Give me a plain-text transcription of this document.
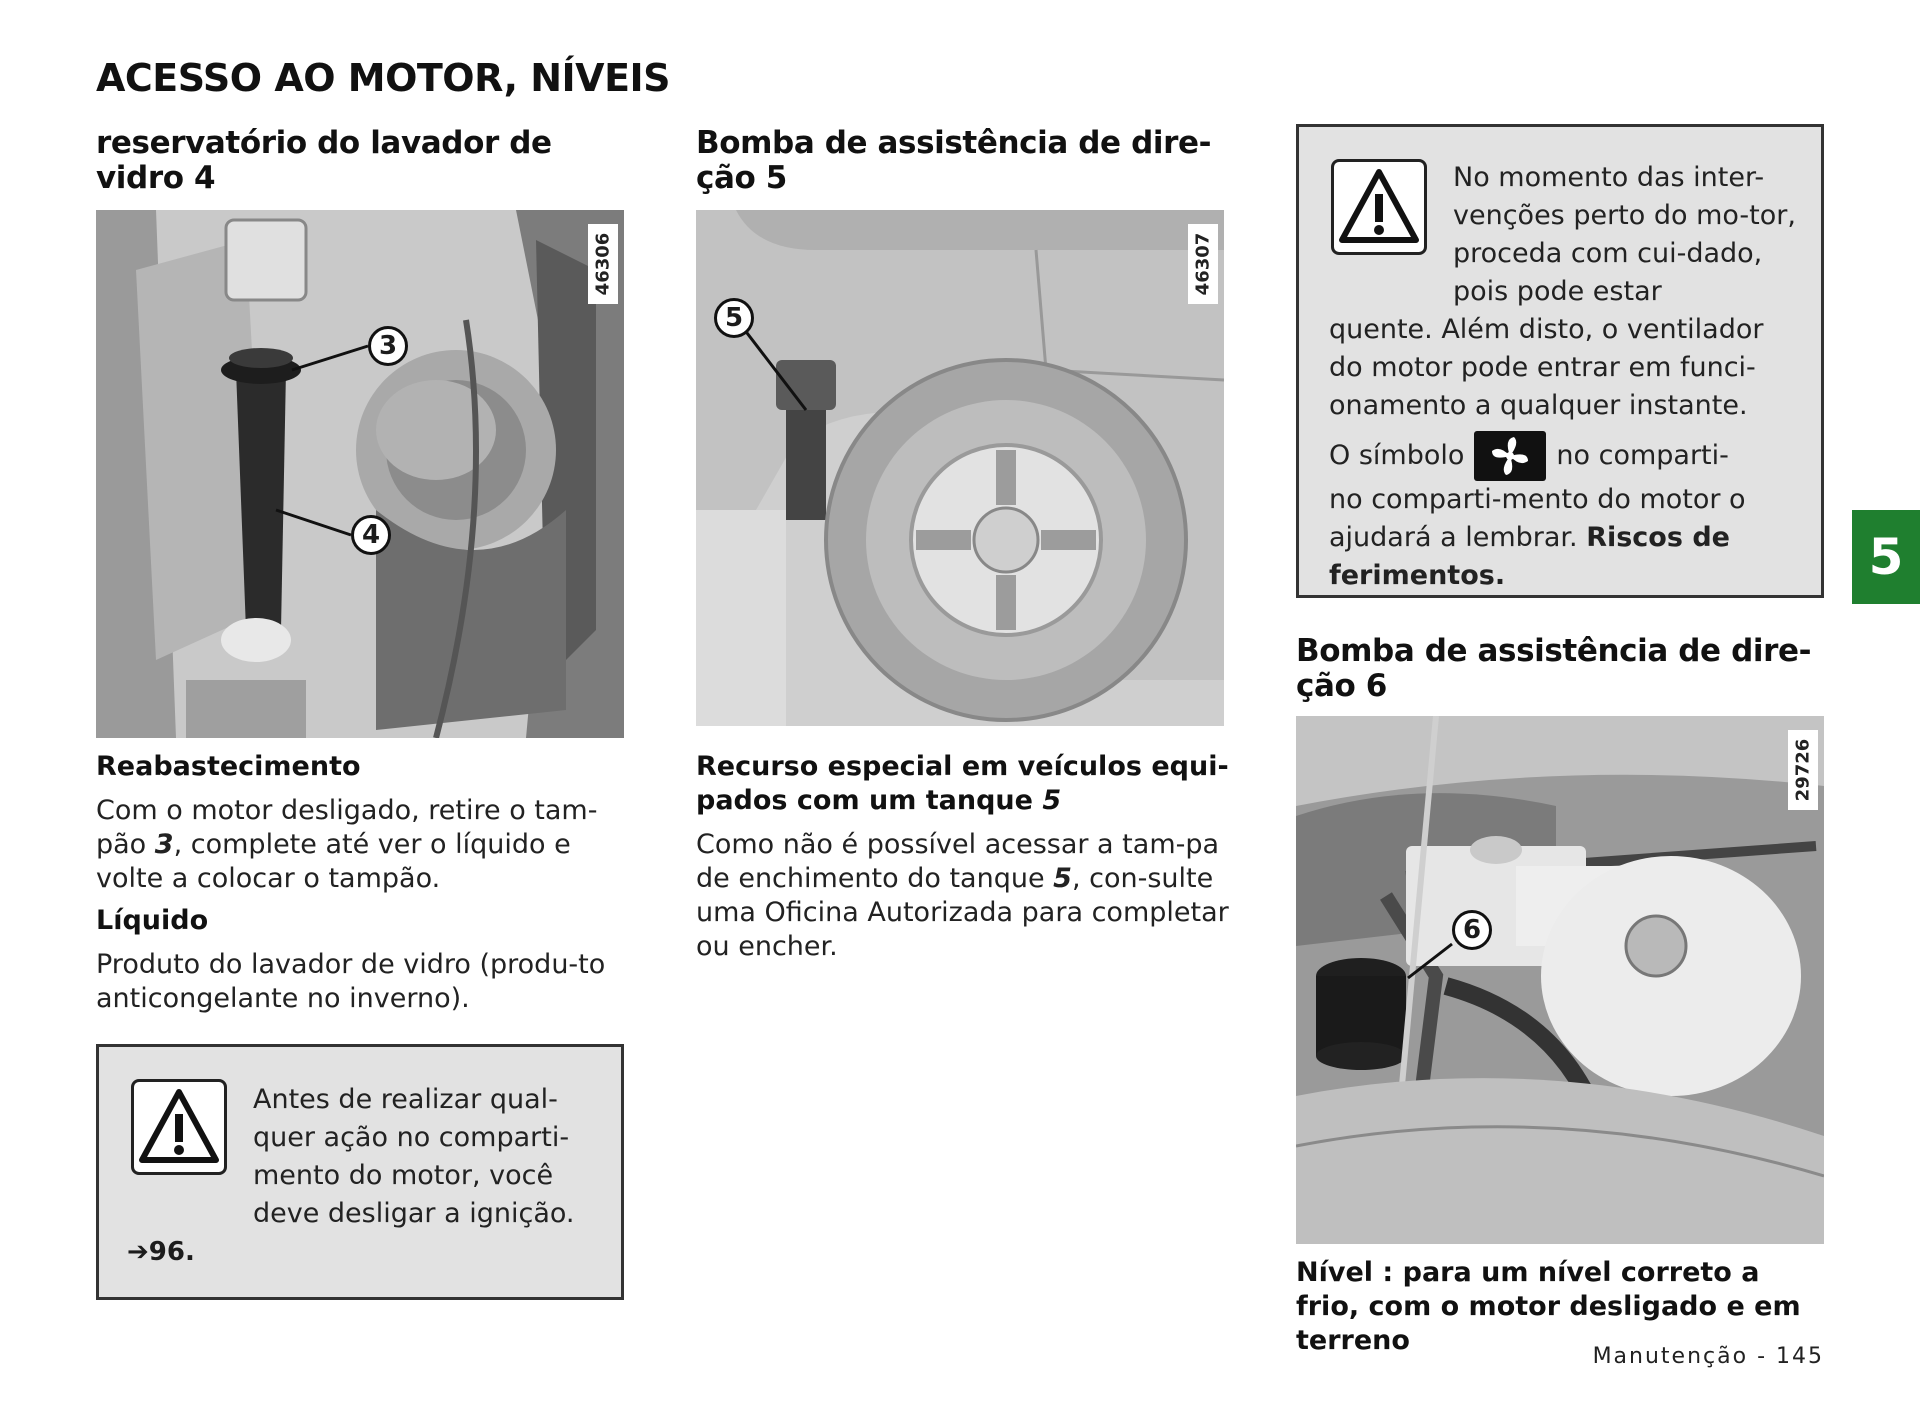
ACESSO AO MOTOR, NÍVEIS
reservatório do lavador de vidro 4
46306
3
4
Reabastecimento

Com o motor desligado, retire o tam-pão 3, complete até ver o líquido e volte a colocar o tampão.

Líquido

Produto do lavador de vidro (produ-to anticongelante no inverno).

Antes de realizar qual-quer ação no comparti-mento do motor, você deve desligar a ignição.

➔96.
Bomba de assistência de dire-ção 5
46307
5
Recurso especial em veículos equi-pados com um tanque 5

Como não é possível acessar a tam-pa de enchimento do tanque 5, con-sulte uma Oficina Autorizada para completar ou encher.

No momento das inter-venções perto do mo-tor, proceda com cui-dado, pois pode estar

quente. Além disto, o ventilador do motor pode entrar em funci-onamento a qualquer instante.

O símbolo	no comparti-

no comparti-mento do motor o ajudará a lembrar. Riscos de ferimentos.

Bomba de assistência de dire-ção 6
29726
6

Nível : para um nível correto a frio, com o motor desligado e em terreno

5
Manutenção - 145
